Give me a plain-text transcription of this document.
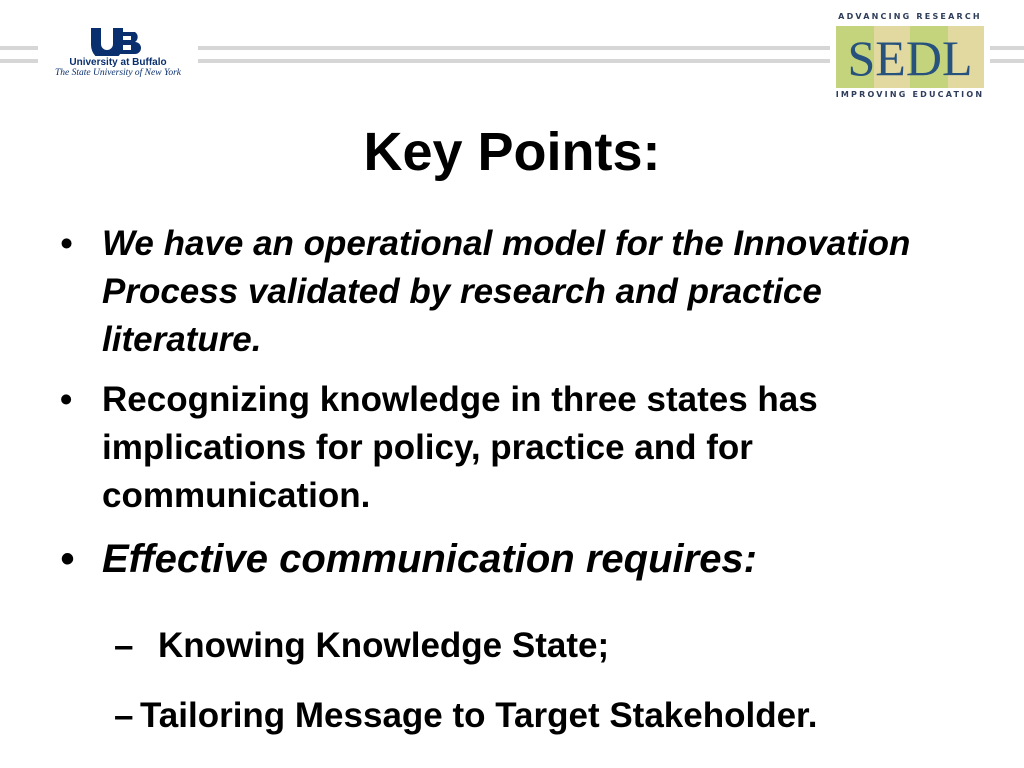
University at Buffalo
The State University of New York
ADVANCING RESEARCH
SEDL
IMPROVING EDUCATION
Key Points:
• We have an operational model for the Innovation Process validated by research and practice literature.
• Recognizing knowledge in three states has implications for policy, practice and for communication.
• Effective communication requires:
– Knowing Knowledge State;
– Tailoring Message to Target Stakeholder.
